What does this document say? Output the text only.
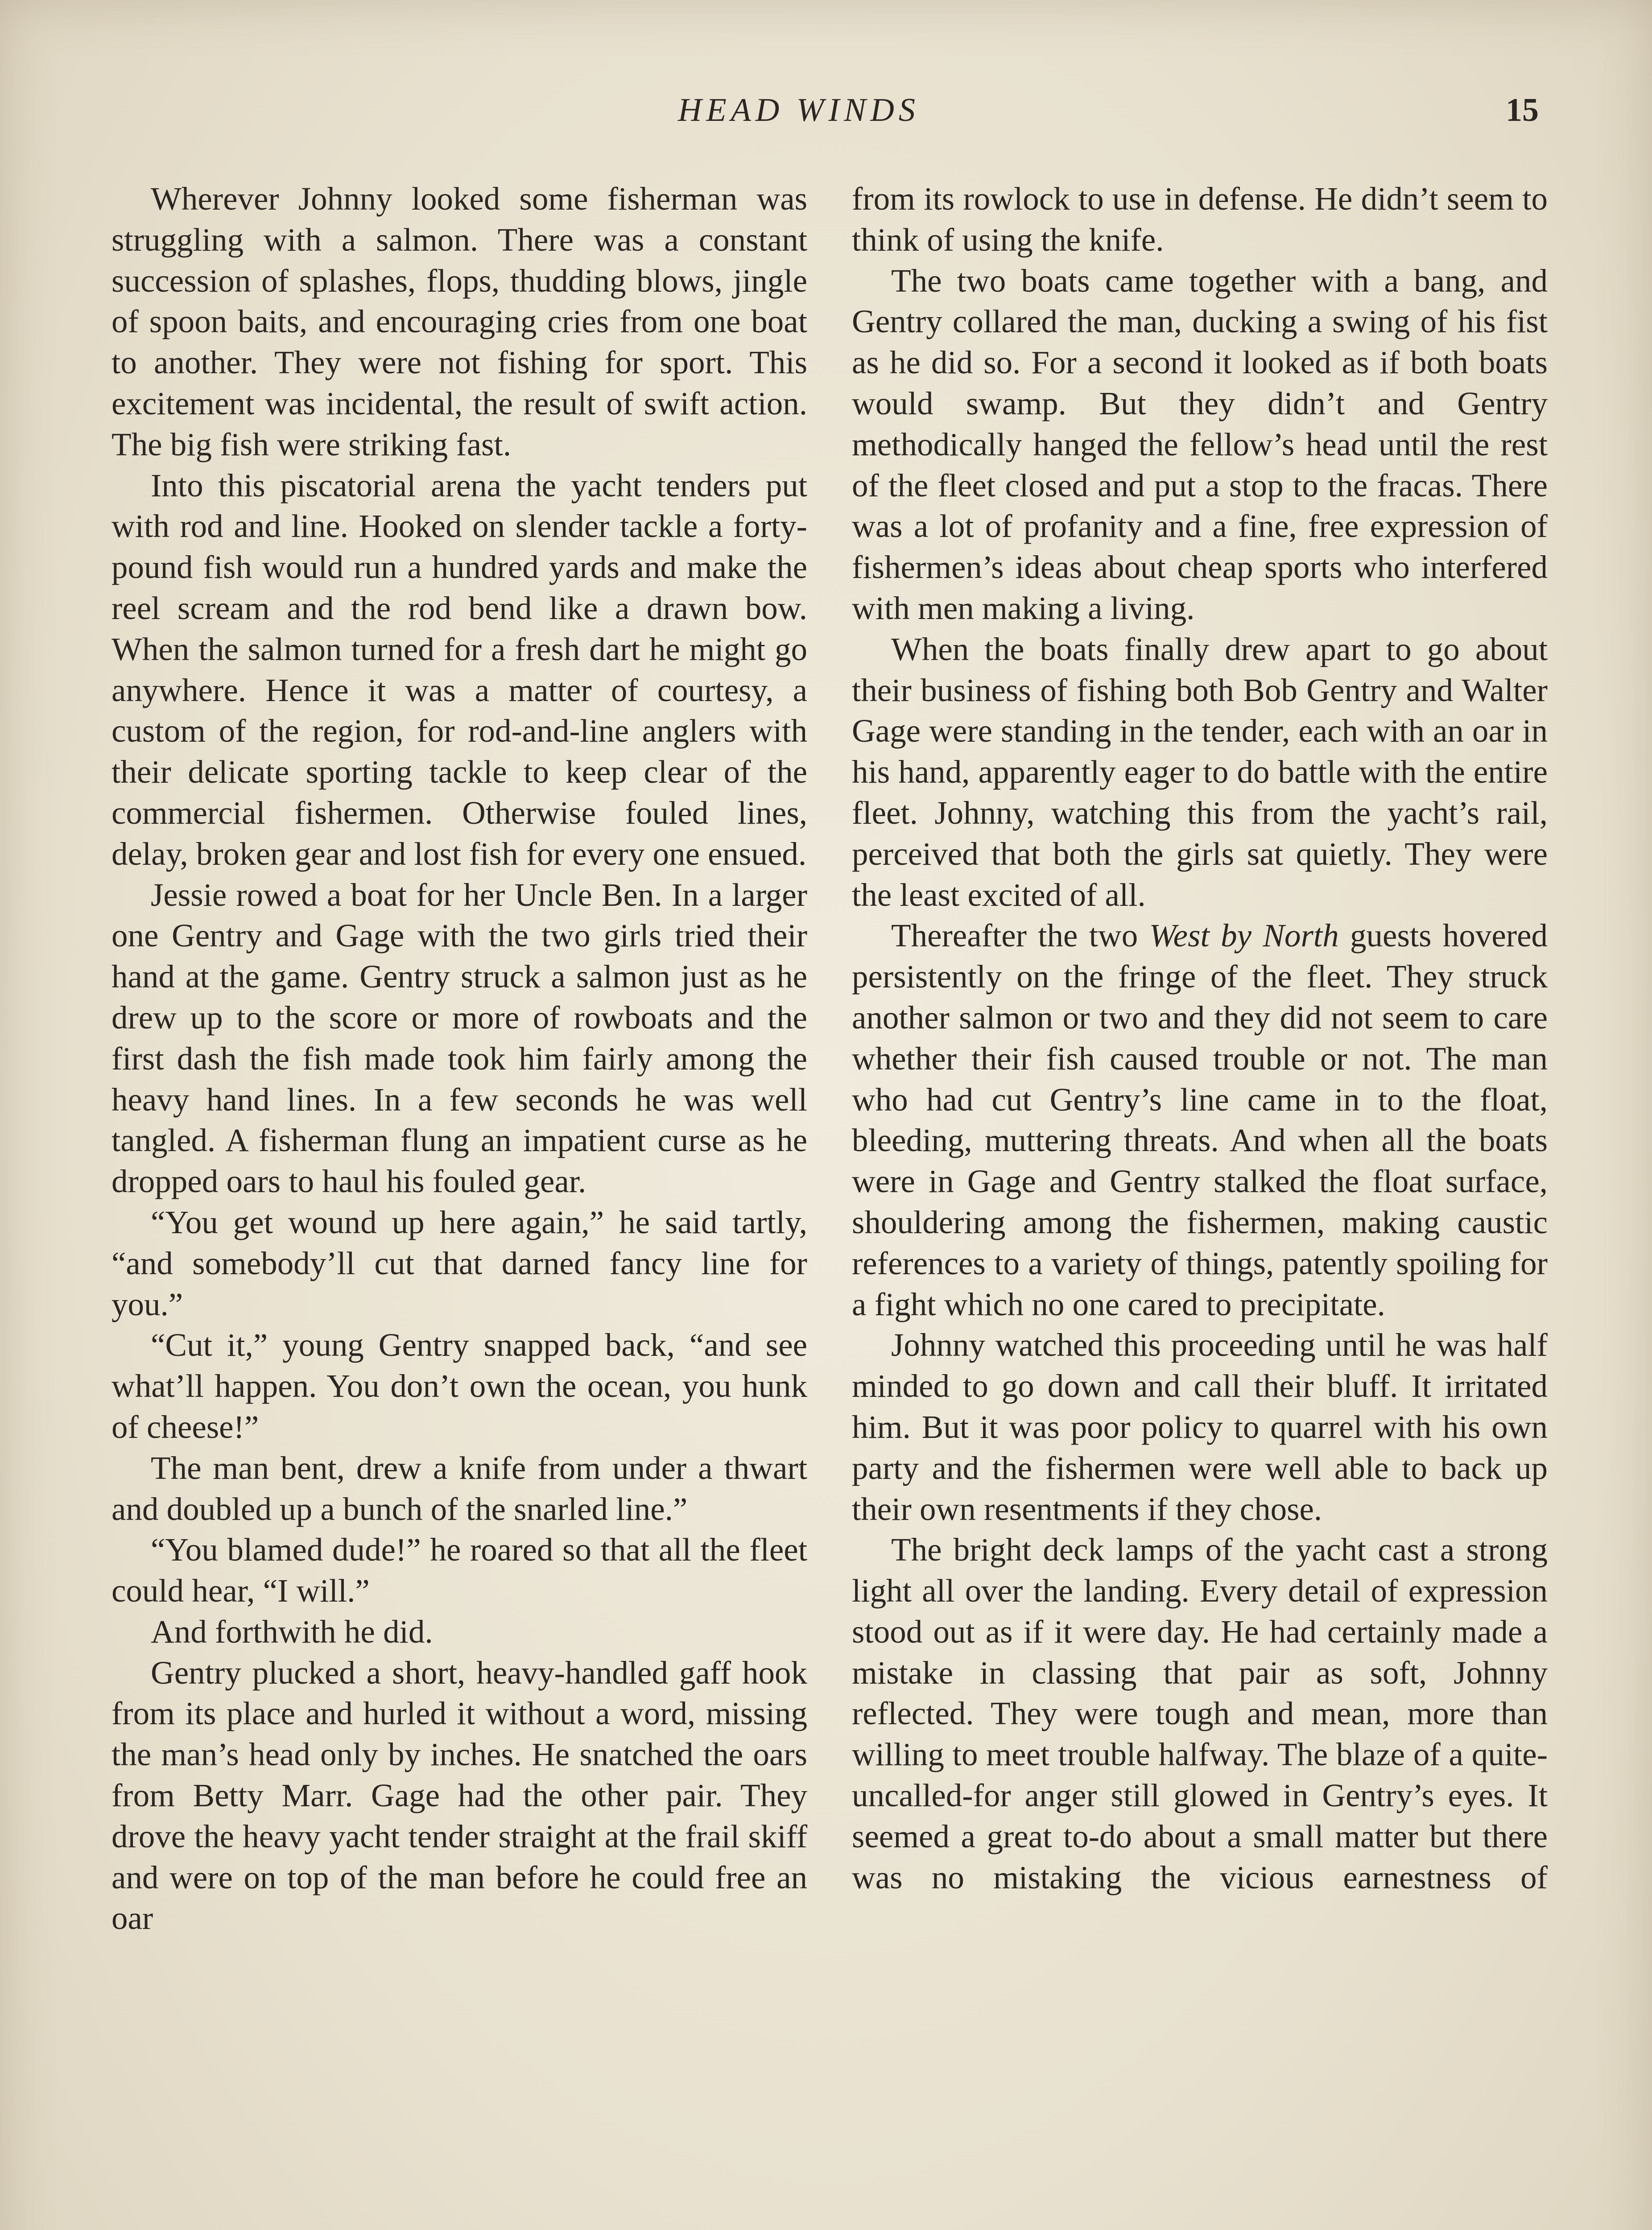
HEAD WINDS	15

Wherever Johnny looked some fisherman was struggling with a salmon. There was a constant succession of splashes, flops, thudding blows, jingle of spoon baits, and encouraging cries from one boat to another. They were not fishing for sport. This excitement was incidental, the result of swift action. The big fish were striking fast.

Into this piscatorial arena the yacht tenders put with rod and line. Hooked on slender tackle a forty-pound fish would run a hundred yards and make the reel scream and the rod bend like a drawn bow. When the salmon turned for a fresh dart he might go anywhere. Hence it was a matter of courtesy, a custom of the region, for rod-and-line anglers with their delicate sporting tackle to keep clear of the commercial fishermen. Otherwise fouled lines, delay, broken gear and lost fish for every one ensued.

Jessie rowed a boat for her Uncle Ben. In a larger one Gentry and Gage with the two girls tried their hand at the game. Gentry struck a salmon just as he drew up to the score or more of rowboats and the first dash the fish made took him fairly among the heavy hand lines. In a few seconds he was well tangled. A fisherman flung an impatient curse as he dropped oars to haul his fouled gear.

“You get wound up here again,” he said tartly, “and somebody’ll cut that darned fancy line for you.”

“Cut it,” young Gentry snapped back, “and see what’ll happen. You don’t own the ocean, you hunk of cheese!”

The man bent, drew a knife from under a thwart and doubled up a bunch of the snarled line.”

“You blamed dude!” he roared so that all the fleet could hear, “I will.”

And forthwith he did.

Gentry plucked a short, heavy-handled gaff hook from its place and hurled it without a word, missing the man’s head only by inches. He snatched the oars from Betty Marr. Gage had the other pair. They drove the heavy yacht tender straight at the frail skiff and were on top of the man before he could free an oar

from its rowlock to use in defense. He didn’t seem to think of using the knife.

The two boats came together with a bang, and Gentry collared the man, ducking a swing of his fist as he did so. For a second it looked as if both boats would swamp. But they didn’t and Gentry methodically hanged the fellow’s head until the rest of the fleet closed and put a stop to the fracas. There was a lot of profanity and a fine, free expression of fishermen’s ideas about cheap sports who interfered with men making a living.

When the boats finally drew apart to go about their business of fishing both Bob Gentry and Walter Gage were standing in the tender, each with an oar in his hand, apparently eager to do battle with the entire fleet. Johnny, watching this from the yacht’s rail, perceived that both the girls sat quietly. They were the least excited of all.

Thereafter the two West by North guests hovered persistently on the fringe of the fleet. They struck another salmon or two and they did not seem to care whether their fish caused trouble or not. The man who had cut Gentry’s line came in to the float, bleeding, muttering threats. And when all the boats were in Gage and Gentry stalked the float surface, shouldering among the fishermen, making caustic references to a variety of things, patently spoiling for a fight which no one cared to precipitate.

Johnny watched this proceeding until he was half minded to go down and call their bluff. It irritated him. But it was poor policy to quarrel with his own party and the fishermen were well able to back up their own resentments if they chose.

The bright deck lamps of the yacht cast a strong light all over the landing. Every detail of expression stood out as if it were day. He had certainly made a mistake in classing that pair as soft, Johnny reflected. They were tough and mean, more than willing to meet trouble halfway. The blaze of a quite-uncalled-for anger still glowed in Gentry’s eyes. It seemed a great to-do about a small matter but there was no mistaking the vicious earnestness of
